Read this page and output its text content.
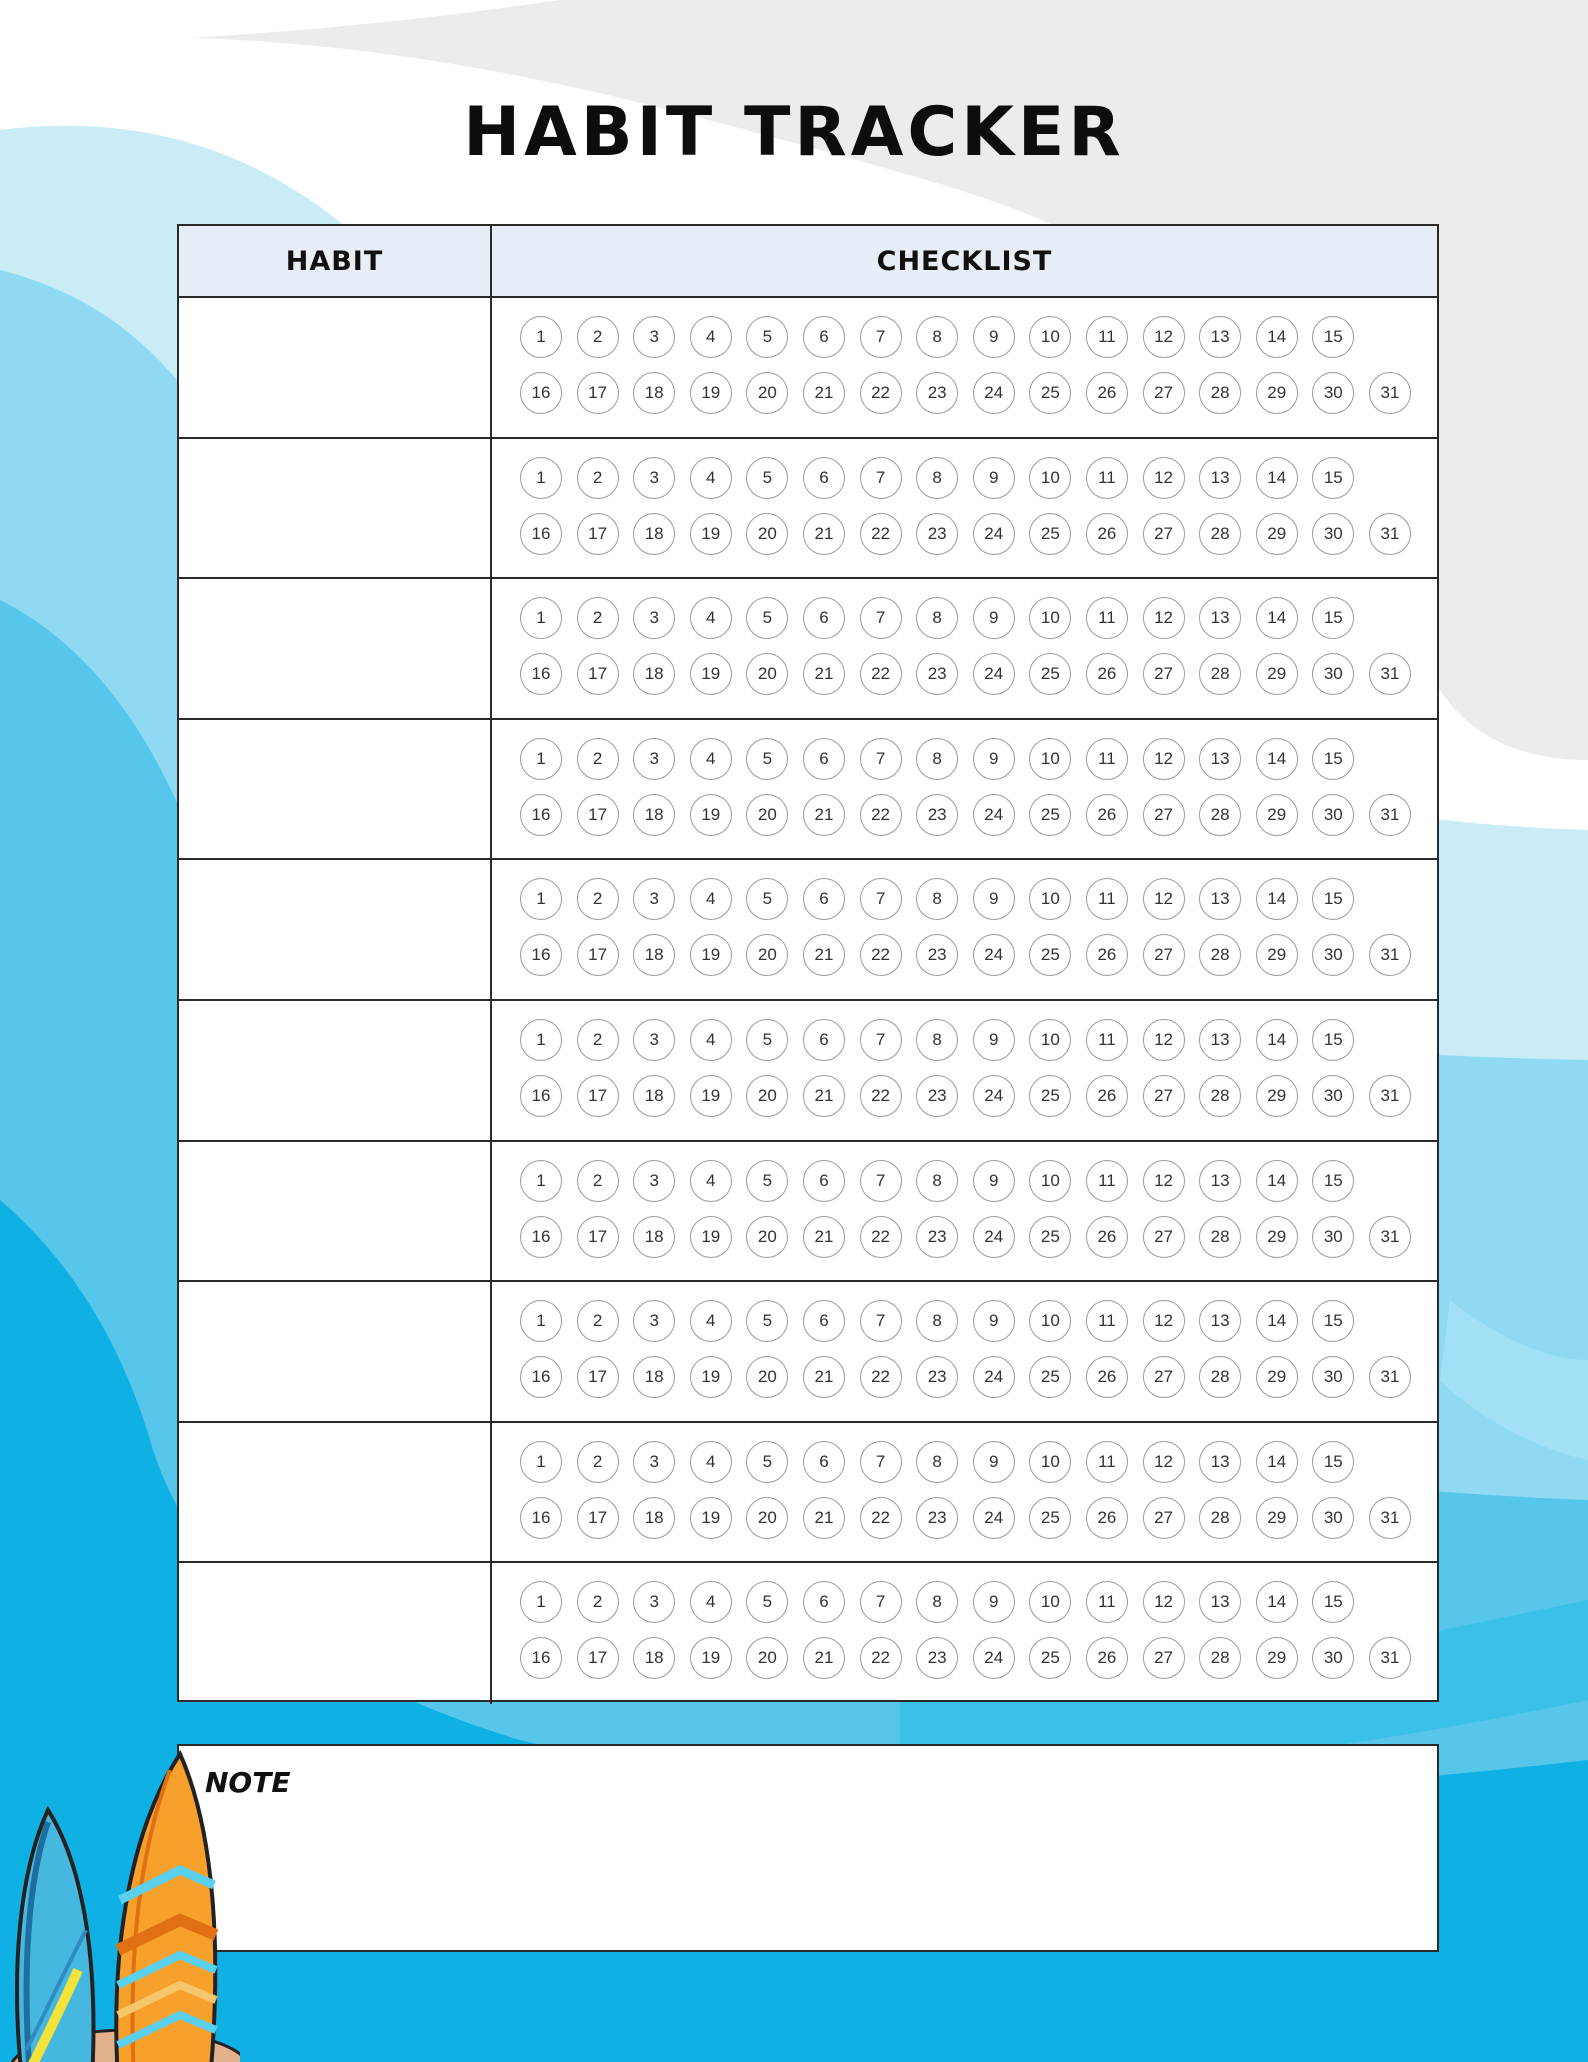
HABIT TRACKER
HABIT	CHECKLIST
1	2	3	4	5	6	7	8	9	10	11	12	13	14	15
16	17	18	19	20	21	22	23	24	25	26	27	28	29	30	31
1	2	3	4	5	6	7	8	9	10	11	12	13	14	15
16	17	18	19	20	21	22	23	24	25	26	27	28	29	30	31
1	2	3	4	5	6	7	8	9	10	11	12	13	14	15
16	17	18	19	20	21	22	23	24	25	26	27	28	29	30	31
1	2	3	4	5	6	7	8	9	10	11	12	13	14	15
16	17	18	19	20	21	22	23	24	25	26	27	28	29	30	31
1	2	3	4	5	6	7	8	9	10	11	12	13	14	15
16	17	18	19	20	21	22	23	24	25	26	27	28	29	30	31
1	2	3	4	5	6	7	8	9	10	11	12	13	14	15
16	17	18	19	20	21	22	23	24	25	26	27	28	29	30	31
1	2	3	4	5	6	7	8	9	10	11	12	13	14	15
16	17	18	19	20	21	22	23	24	25	26	27	28	29	30	31
1	2	3	4	5	6	7	8	9	10	11	12	13	14	15
16	17	18	19	20	21	22	23	24	25	26	27	28	29	30	31
1	2	3	4	5	6	7	8	9	10	11	12	13	14	15
16	17	18	19	20	21	22	23	24	25	26	27	28	29	30	31
1	2	3	4	5	6	7	8	9	10	11	12	13	14	15
16	17	18	19	20	21	22	23	24	25	26	27	28	29	30	31
NOTE
